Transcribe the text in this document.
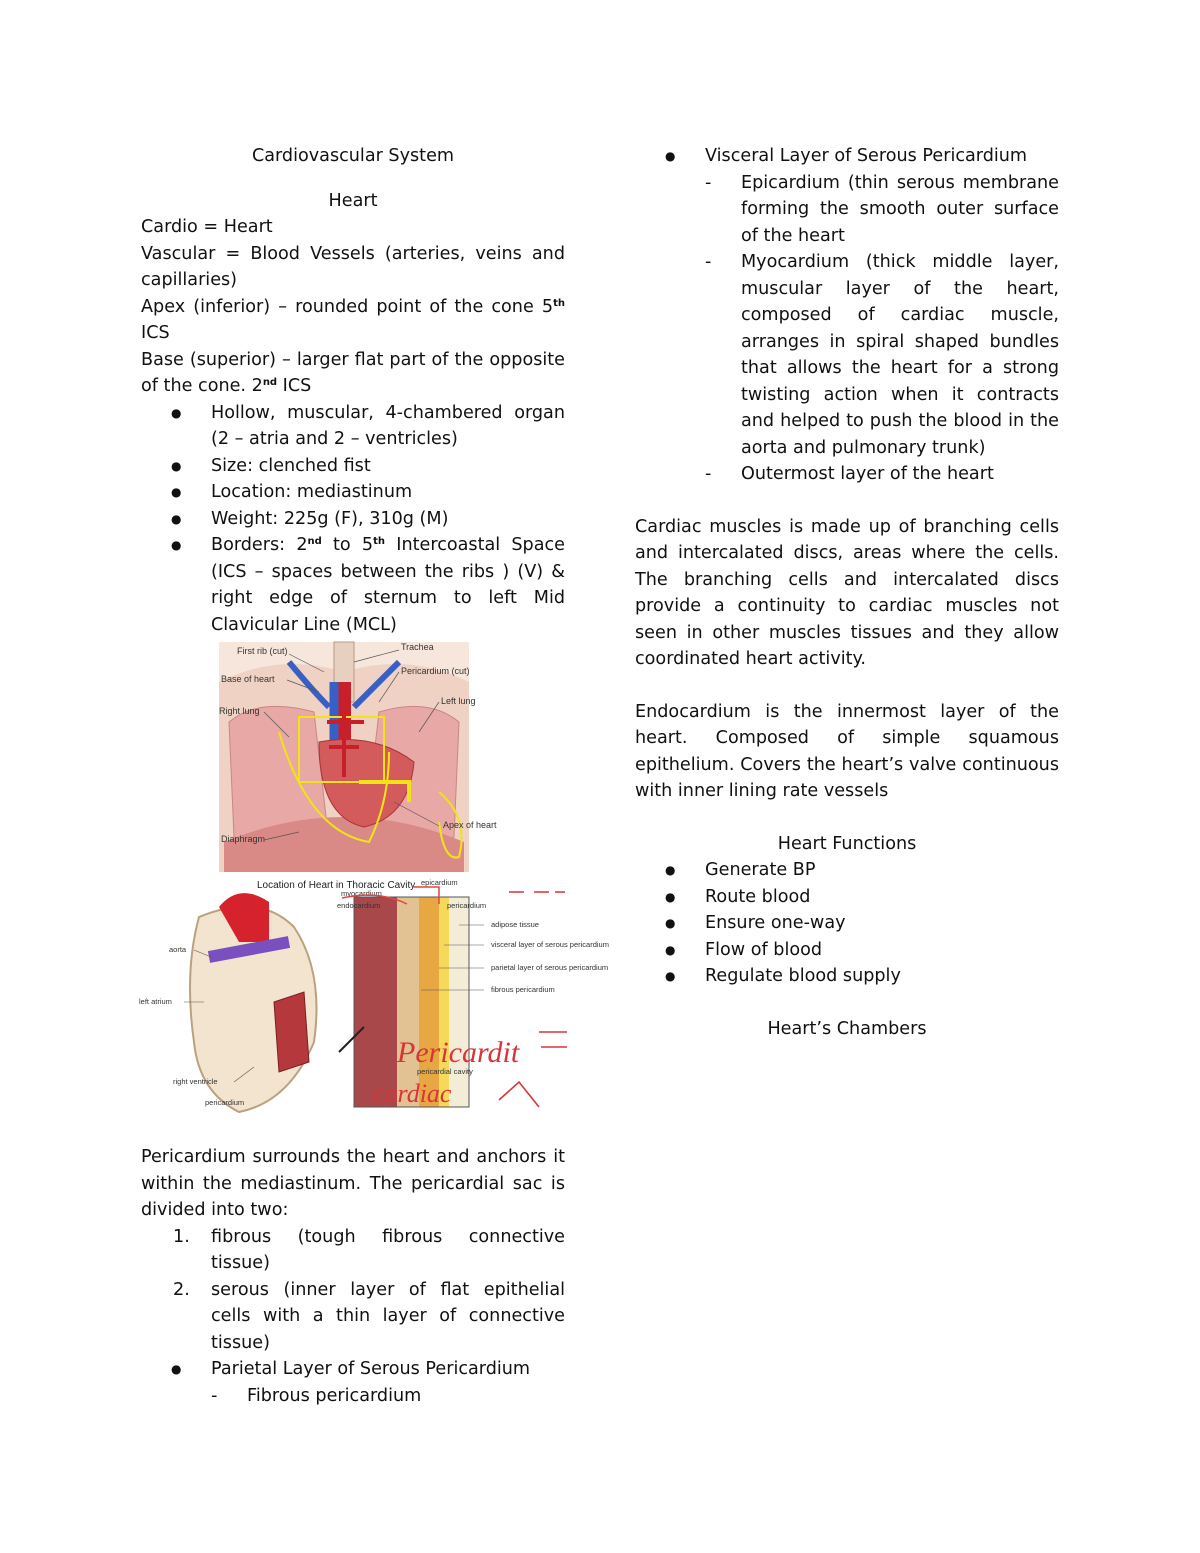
Cardiovascular System

Heart

Cardio = Heart

Vascular = Blood Vessels (arteries, veins and capillaries)

Apex (inferior) – rounded point of the cone 5th ICS

Base (superior) – larger flat part of the opposite of the cone. 2nd ICS

● Hollow, muscular, 4-chambered organ (2 – atria and 2 – ventricles)
● Size: clenched fist
● Location: mediastinum
● Weight: 225g (F), 310g (M)
● Borders: 2nd to 5th Intercoastal Space (ICS – spaces between the ribs ) (V) & right edge of sternum to left Mid Clavicular Line (MCL)
First rib (cut)
Base of heart
Right lung
Diaphragm
Trachea
Pericardium (cut)
Left lung
Apex of heart
Location of Heart in Thoracic Cavity
aorta
left atrium
right ventricle
pericardium
myocardium
epicardium
endocardium	pericardium
adipose tissue
visceral layer of serous pericardium
parietal layer of serous pericardium
fibrous pericardium
pericardial cavity
Pericardit
cardiac

Pericardium surrounds the heart and anchors it within the mediastinum. The pericardial sac is divided into two:

1. fibrous (tough fibrous connective tissue)
2. serous (inner layer of flat epithelial cells with a thin layer of connective tissue)
● Parietal Layer of Serous Pericardium
- Fibrous pericardium
● Visceral Layer of Serous Pericardium
- Epicardium (thin serous membrane forming the smooth outer surface of the heart
- Myocardium (thick middle layer, muscular layer of the heart, composed of cardiac muscle, arranges in spiral shaped bundles that allows the heart for a strong twisting action when it contracts and helped to push the blood in the aorta and pulmonary trunk)
- Outermost layer of the heart

Cardiac muscles is made up of branching cells and intercalated discs, areas where the cells. The branching cells and intercalated discs provide a continuity to cardiac muscles not seen in other muscles tissues and they allow coordinated heart activity.

Endocardium is the innermost layer of the heart. Composed of simple squamous epithelium. Covers the heart’s valve continuous with inner lining rate vessels

Heart Functions

● Generate BP
● Route blood
● Ensure one-way
● Flow of blood
● Regulate blood supply

Heart’s Chambers
